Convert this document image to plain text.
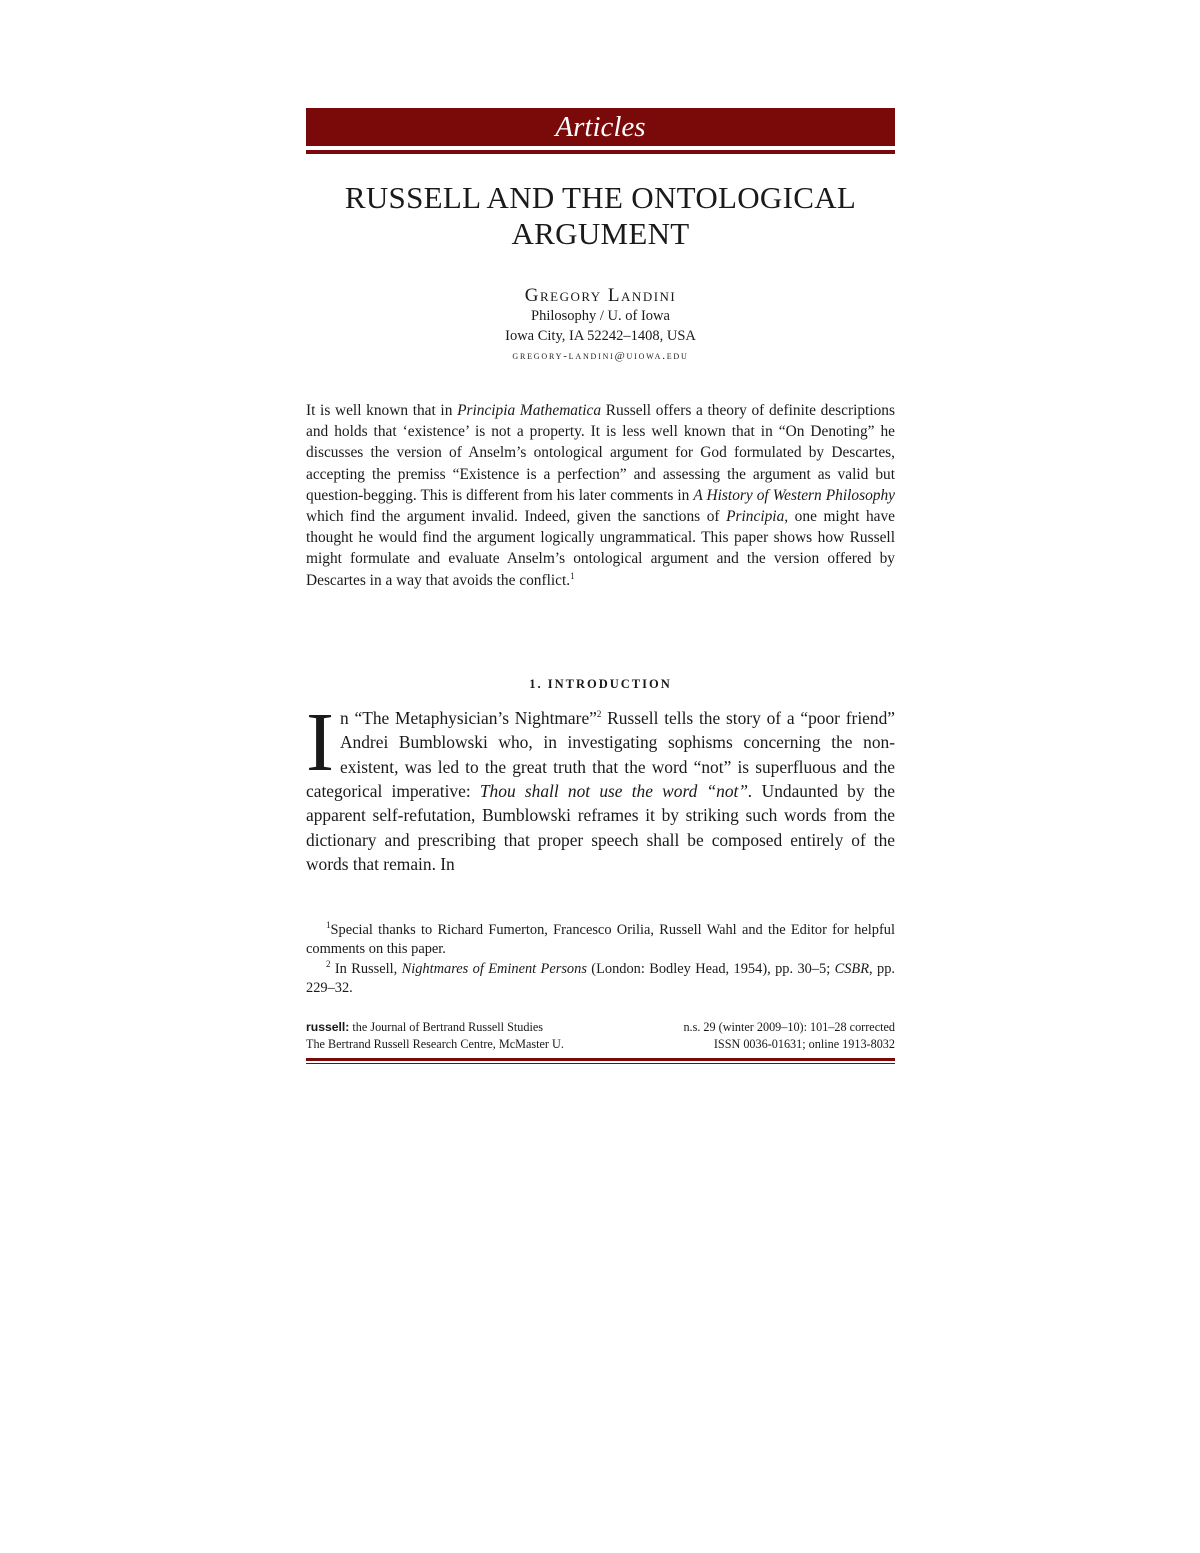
Articles
RUSSELL AND THE ONTOLOGICAL ARGUMENT
Gregory Landini
Philosophy / U. of Iowa
Iowa City, IA 52242–1408, USA
gregory-landini@uiowa.edu
It is well known that in Principia Mathematica Russell offers a theory of definite descriptions and holds that ‘existence’ is not a property. It is less well known that in “On Denoting” he discusses the version of Anselm’s ontological argument for God formulated by Descartes, accepting the premiss “Existence is a perfection” and assessing the argument as valid but question-begging. This is different from his later comments in A History of Western Philosophy which find the argument invalid. Indeed, given the sanctions of Principia, one might have thought he would find the argument logically ungrammatical. This paper shows how Russell might formulate and evaluate Anselm’s ontological argument and the version offered by Descartes in a way that avoids the conflict.$^1$
1. INTRODUCTION
In “The Metaphysician’s Nightmare”$^2$ Russell tells the story of a “poor friend” Andrei Bumblowski who, in investigating sophisms concerning the non-existent, was led to the great truth that the word “not” is superfluous and the categorical imperative: Thou shall not use the word “not”. Undaunted by the apparent self-refutation, Bumblowski reframes it by striking such words from the dictionary and prescribing that proper speech shall be composed entirely of the words that remain. In

$^1$Special thanks to Richard Fumerton, Francesco Orilia, Russell Wahl and the Editor for helpful comments on this paper.

$^2$ In Russell, Nightmares of Eminent Persons (London: Bodley Head, 1954), pp. 30–5; CSBR, pp. 229–32.

russell: the Journal of Bertrand Russell Studies	n.s. 29 (winter 2009–10): 101–28 corrected
The Bertrand Russell Research Centre, McMaster U.	ISSN 0036-01631; online 1913-8032
